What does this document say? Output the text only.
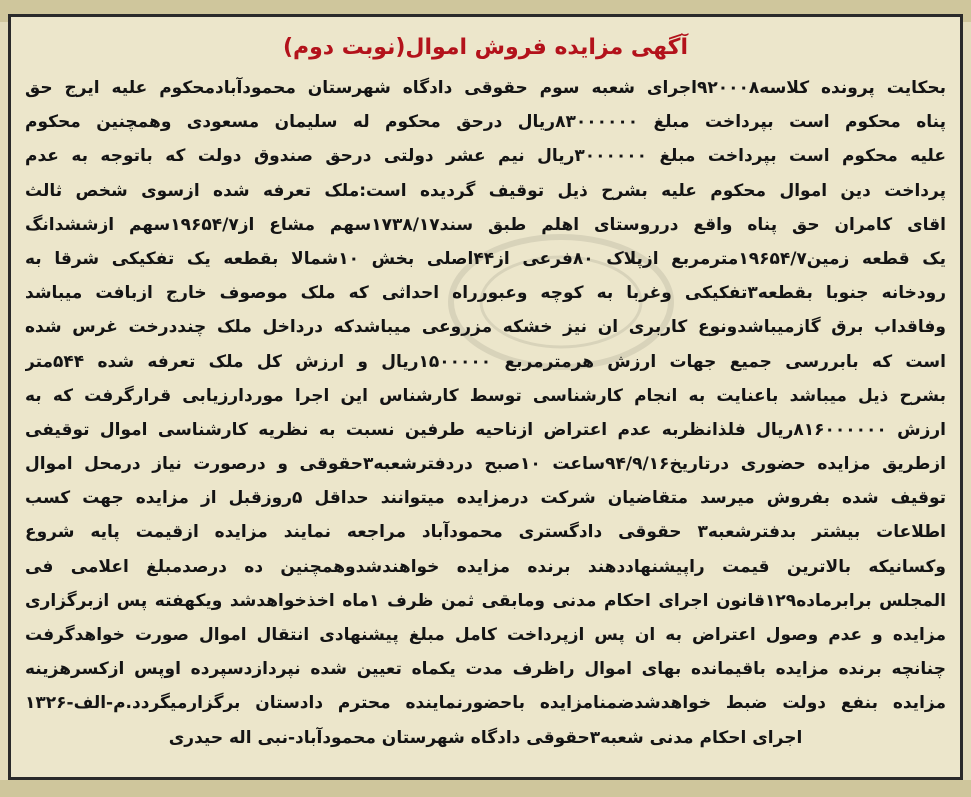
آگهی مزایده فروش اموال(نوبت دوم)
بحکایت پرونده کلاسه۹۲۰۰۰۸اجرای شعبه سوم حقوقی دادگاه شهرستان محمودآبادمحکوم علیه ایرج حق
پناه محکوم است بپرداخت مبلغ ۸۳۰۰۰۰۰۰ریال درحق محکوم له سلیمان مسعودی وهمچنین محکوم
علیه محکوم است بپرداخت مبلغ ۳۰۰۰۰۰۰ریال نیم عشر دولتی درحق صندوق دولت که باتوجه به عدم
پرداخت دین اموال محکوم علیه بشرح ذیل توقیف گردیده است:ملک تعرفه شده ازسوی شخص ثالث
اقای کامران حق پناه واقع درروستای اهلم طبق سند۱۷۳۸/۱۷سهم مشاع از۱۹۶۵۴/۷سهم ازششدانگ
یک قطعه زمین۱۹۶۵۴/۷مترمربع ازپلاک ۸۰فرعی از۴۴اصلی بخش ۱۰شمالا بقطعه یک تفکیکی شرقا به
رودخانه جنوبا بقطعه۳تفکیکی وغربا به کوچه وعبورراه احداثی که ملک موصوف خارج ازبافت میباشد
وفاقداب برق گازمیباشدونوع کاربری ان نیز خشکه مزروعی میباشدکه درداخل ملک چنددرخت غرس شده
است که بابررسی جمیع جهات ارزش هرمترمربع ۱۵۰۰۰۰۰ریال و ارزش کل ملک تعرفه شده ۵۴۴متر
بشرح ذیل میباشد باعنایت به انجام کارشناسی توسط کارشناس این اجرا موردارزیابی قرارگرفت که به
ارزش ۸۱۶۰۰۰۰۰۰ریال فلذانظربه عدم اعتراض ازناحیه طرفین نسبت به نظریه کارشناسی اموال توقیفی
ازطریق مزایده حضوری درتاریخ۹۴/۹/۱۶ساعت ۱۰صبح دردفترشعبه۳حقوقی و درصورت نیاز درمحل اموال
توقیف شده بفروش میرسد متقاضیان شرکت درمزایده میتوانند حداقل ۵روزقبل از مزایده جهت کسب
اطلاعات بیشتر بدفترشعبه۳ حقوقی دادگستری محمودآباد مراجعه نمایند مزایده ازقیمت پایه شروع
وکسانیکه بالاترین قیمت راپیشنهاددهند برنده مزایده خواهندشدوهمچنین ده درصدمبلغ اعلامی فی
المجلس برابرماده۱۲۹قانون اجرای احکام مدنی ومابقی ثمن ظرف ۱ماه اخذخواهدشد ویکهفته پس ازبرگزاری
مزایده و عدم وصول اعتراض به ان پس ازپرداخت کامل مبلغ پیشنهادی انتقال اموال صورت خواهدگرفت
چنانچه برنده مزایده باقیمانده بهای اموال راظرف مدت یکماه تعیین شده نپردازدسپرده اوپس ازکسرهزینه
مزایده بنفع دولت ضبط خواهدشدضمنامزایده باحضورنماینده محترم دادستان برگزارمیگردد.م-الف-۱۳۲۶
اجرای احکام مدنی شعبه۳حقوقی دادگاه شهرستان محمودآباد-نبی اله حیدری
